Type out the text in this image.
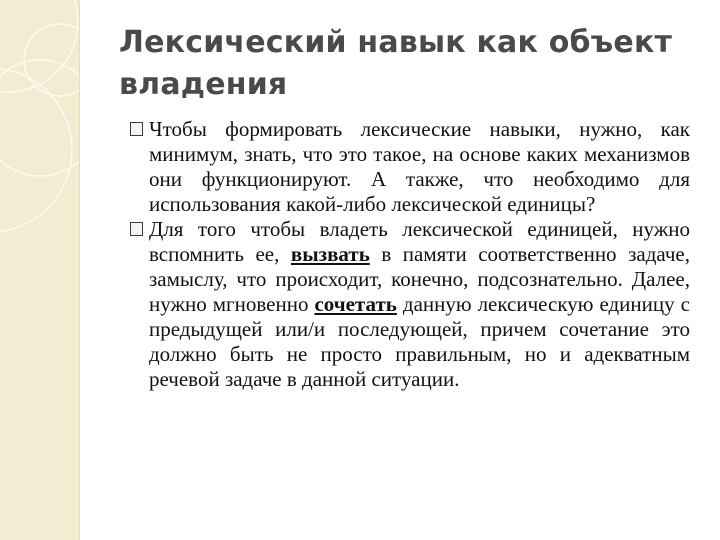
Лексический навык как объект владения
Чтобы формировать лексические навыки, нужно, как минимум, знать, что это такое, на основе каких механизмов они функционируют. А также, что необходимо для использования какой-либо лексической единицы?
Для того чтобы владеть лексической единицей, нужно вспомнить ее, вызвать в памяти соответственно задаче, замыслу, что происходит, конечно, подсознательно. Далее, нужно мгновенно сочетать данную лексическую единицу с предыдущей или/и последующей, причем сочетание это должно быть не просто правильным, но и адекватным речевой задаче в данной ситуации.
